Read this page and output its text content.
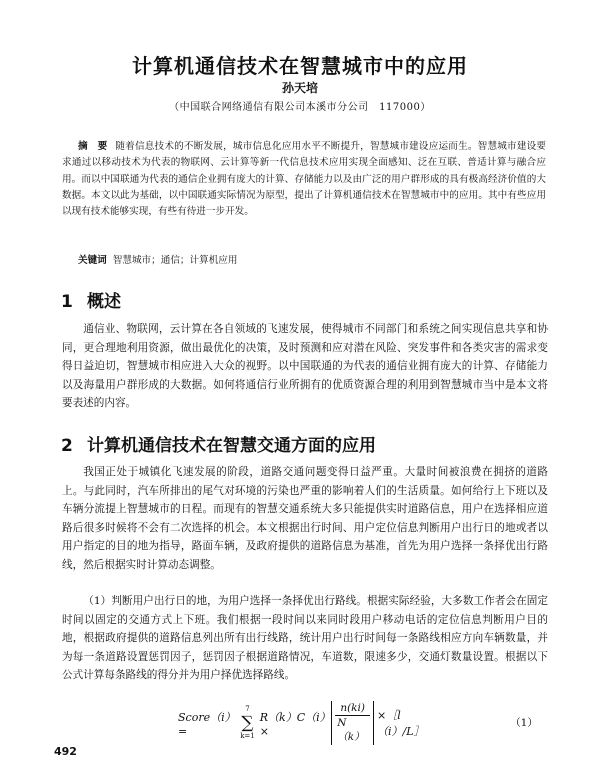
计算机通信技术在智慧城市中的应用
孙天培
（中国联合网络通信有限公司本溪市分公司　117000）
摘　要 随着信息技术的不断发展，城市信息化应用水平不断提升，智慧城市建设应运而生。智慧城市建设要求通过以移动技术为代表的物联网、云计算等新一代信息技术应用实现全面感知、泛在互联、普适计算与融合应用。而以中国联通为代表的通信企业拥有庞大的计算、存储能力以及由广泛的用户群形成的具有极高经济价值的大数据。本文以此为基础，以中国联通实际情况为原型，提出了计算机通信技术在智慧城市中的应用。其中有些应用以现有技术能够实现，有些有待进一步开发。
关键词 智慧城市；通信；计算机应用
1 概述

通信业、物联网，云计算在各自领域的飞速发展，使得城市不同部门和系统之间实现信息共享和协同，更合理地利用资源，做出最优化的决策，及时预测和应对潜在风险、突发事件和各类灾害的需求变得日益迫切，智慧城市相应进入大众的视野。以中国联通的为代表的通信业拥有庞大的计算、存储能力以及海量用户群形成的大数据。如何将通信行业所拥有的优质资源合理的利用到智慧城市当中是本文将要表述的内容。

2 计算机通信技术在智慧交通方面的应用

我国正处于城镇化飞速发展的阶段，道路交通问题变得日益严重。大量时间被浪费在拥挤的道路上。与此同时，汽车所排出的尾气对环境的污染也严重的影响着人们的生活质量。如何给行上下班以及车辆分流提上智慧城市的日程。而现有的智慧交通系统大多只能提供实时道路信息，用户在选择相应道路后很多时候将不会有二次选择的机会。本文根据出行时间、用户定位信息判断用户出行日的地或者以用户指定的目的地为指导，路面车辆，及政府提供的道路信息为基准，首先为用户选择一条择优出行路线，然后根据实时计算动态调整。

（1）判断用户出行日的地，为用户选择一条择优出行路线。根据实际经验，大多数工作者会在固定时间以固定的交通方式上下班。我们根据一段时间以来同时段用户移动电话的定位信息判断用户目的地，根据政府提供的道路信息列出所有出行线路，统计用户出行时间每一条路线相应方向车辆数量，并为每一条道路设置惩罚因子，惩罚因子根据道路情况，车道数，限速多少，交通灯数量设置。根据以下公式计算每条路线的得分并为用户择优选择路线。

Score（i）=
7
∑
k=1
R（k）C（i）×	$\frac{n(ki)}{N(k)}$ ×［l（i）/L］
（1）
492
